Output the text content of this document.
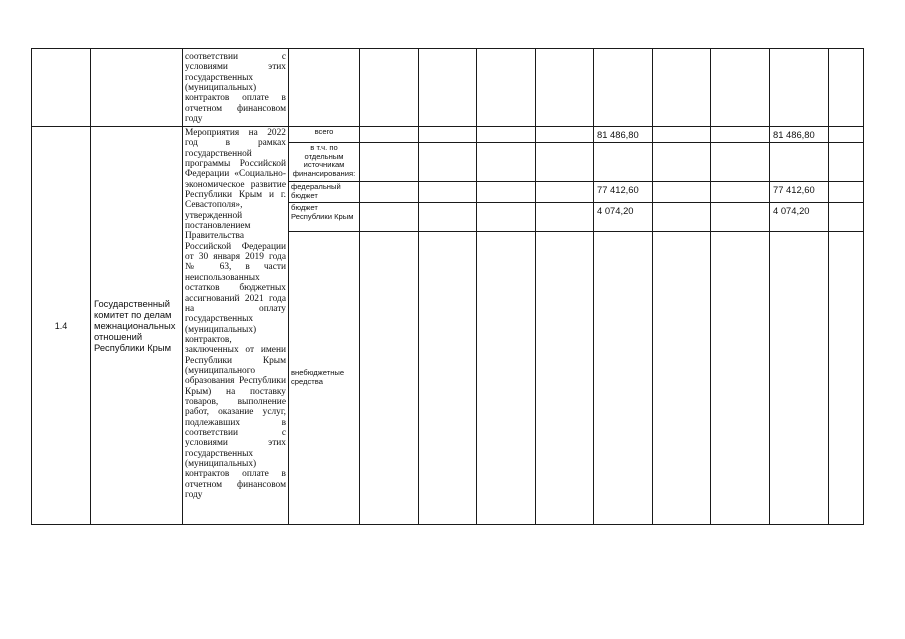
		соответствии с условиями этих государственных (муниципальных) контрактов оплате в отчетном финансовом году										

1.4	Государственный комитет по делам межнациональных отношений Республики Крым	Мероприятия на 2022 год в рамках государственной программы Российской Федерации «Социально-экономическое развитие Республики Крым и г. Севастополя», утвержденной постановлением Правительства Российской Федерации от 30 января 2019 года № 63, в части неиспользованных остатков бюджетных ассигнований 2021 года на оплату государственных (муниципальных) контрактов, заключенных от имени Республики Крым (муниципального образования Республики Крым) на поставку товаров, выполнение работ, оказание услуг, подлежавших в соответствии с условиями этих государственных (муниципальных) контрактов оплате в отчетном финансовом году	всего					81 486,80			81 486,80	
			в т.ч. по отдельным источникам финансирования:									
			федеральный бюджет					77 412,60			77 412,60	
			бюджет Республики Крым					4 074,20			4 074,20	
			внебюджетные средства									
